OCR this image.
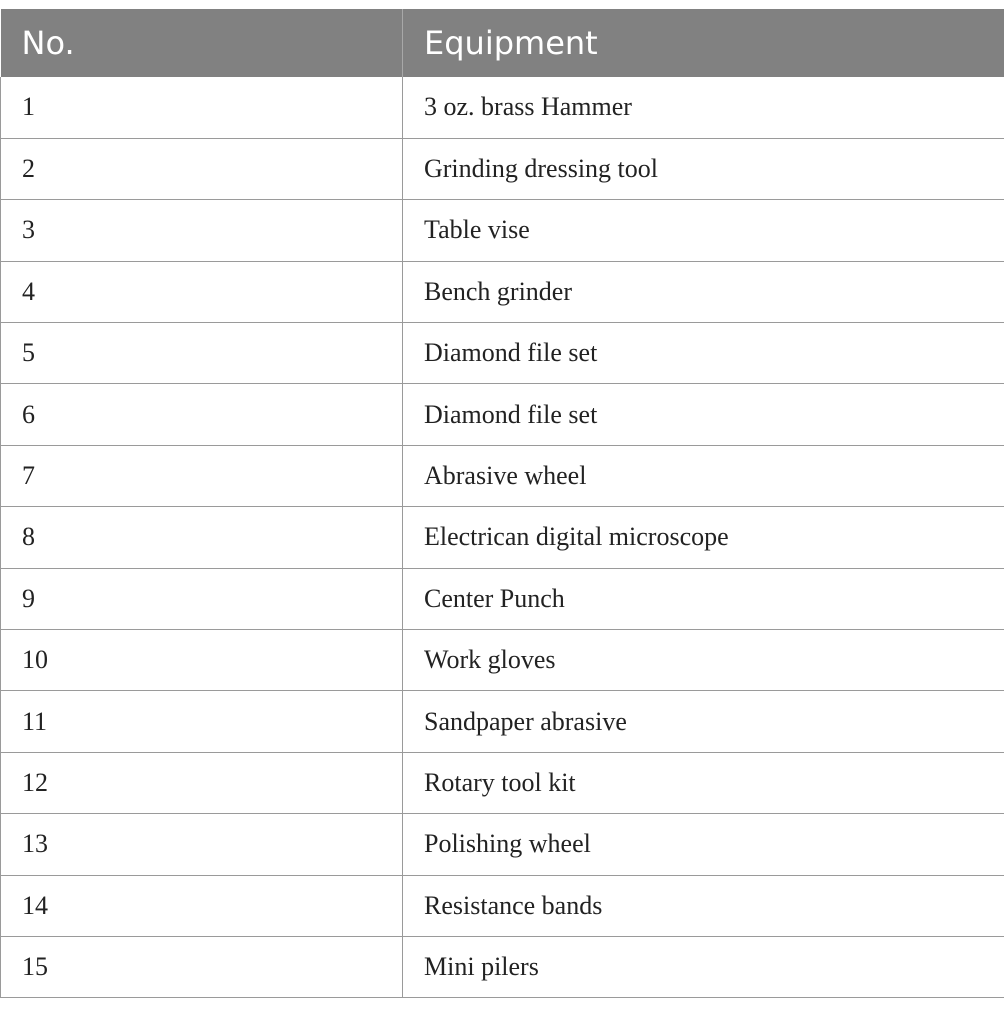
No.	Equipment
1	3 oz. brass Hammer
2	Grinding dressing tool
3	Table vise
4	Bench grinder
5	Diamond file set
6	Diamond file set
7	Abrasive wheel
8	Electrican digital microscope
9	Center Punch
10	Work gloves
11	Sandpaper abrasive
12	Rotary tool kit
13	Polishing wheel
14	Resistance bands
15	Mini pilers
